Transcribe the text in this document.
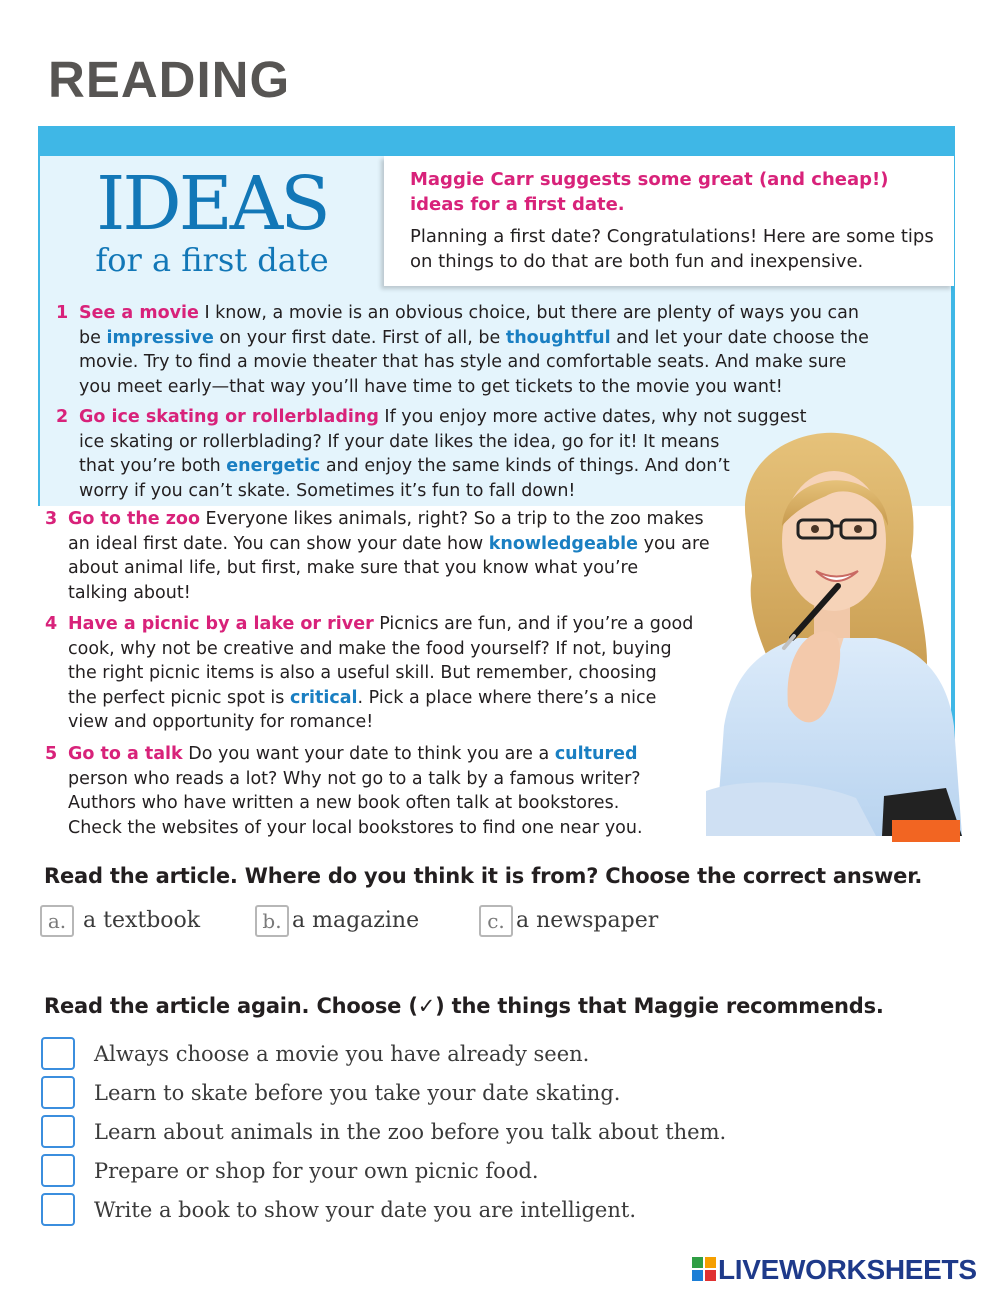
READING
IDEAS
for a first date
Maggie Carr suggests some great (and cheap!) ideas for a first date.
Planning a first date? Congratulations! Here are some tips on things to do that are both fun and inexpensive.
1 See a movie I know, a movie is an obvious choice, but there are plenty of ways you can
be impressive on your first date. First of all, be thoughtful and let your date choose the
movie. Try to find a movie theater that has style and comfortable seats. And make sure
you meet early—that way you’ll have time to get tickets to the movie you want!
2 Go ice skating or rollerblading If you enjoy more active dates, why not suggest
ice skating or rollerblading? If your date likes the idea, go for it! It means
that you’re both energetic and enjoy the same kinds of things. And don’t
worry if you can’t skate. Sometimes it’s fun to fall down!
3 Go to the zoo Everyone likes animals, right? So a trip to the zoo makes
an ideal first date. You can show your date how knowledgeable you are
about animal life, but first, make sure that you know what you’re
talking about!
4 Have a picnic by a lake or river Picnics are fun, and if you’re a good
cook, why not be creative and make the food yourself? If not, buying
the right picnic items is also a useful skill. But remember, choosing
the perfect picnic spot is critical. Pick a place where there’s a nice
view and opportunity for romance!
5 Go to a talk Do you want your date to think you are a cultured
person who reads a lot? Why not go to a talk by a famous writer?
Authors who have written a new book often talk at bookstores.
Check the websites of your local bookstores to find one near you.
Read the article. Where do you think it is from? Choose the correct answer.
a. a textbook	b. a magazine	c. a newspaper
Read the article again. Choose (✓) the things that Maggie recommends.
Always choose a movie you have already seen.
Learn to skate before you take your date skating.
Learn about animals in the zoo before you talk about them.
Prepare or shop for your own picnic food.
Write a book to show your date you are intelligent.
LIVEWORKSHEETS
